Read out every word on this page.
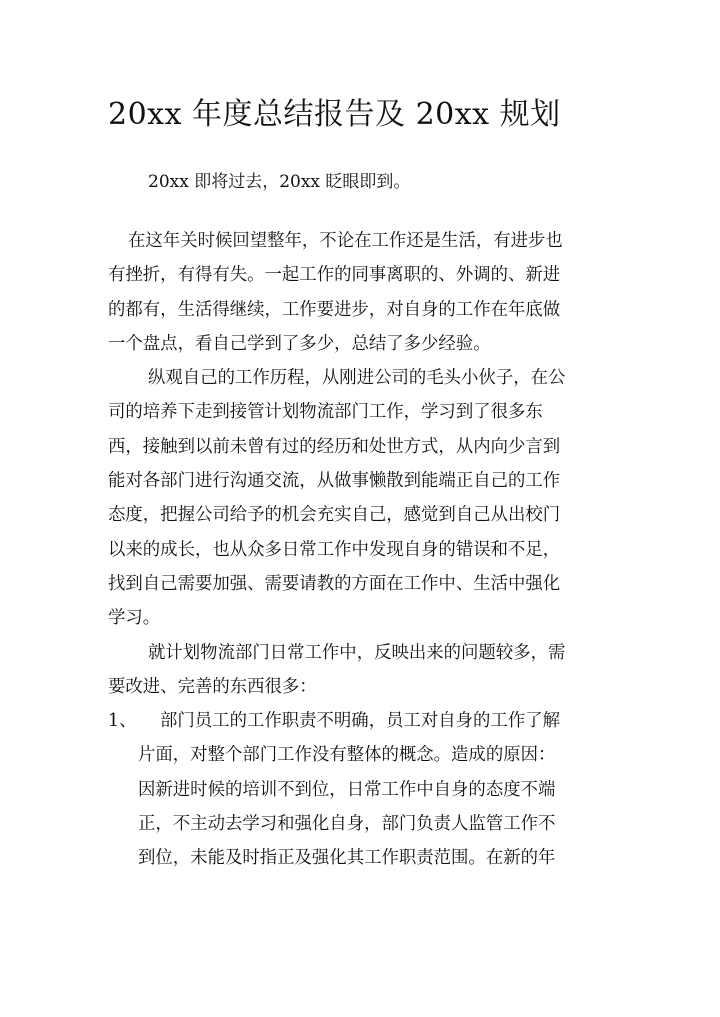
20xx 年度总结报告及 20xx 规划
20xx 即将过去，20xx 眨眼即到。
在这年关时候回望整年，不论在工作还是生活，有进步也
有挫折，有得有失。一起工作的同事离职的、外调的、新进
的都有，生活得继续，工作要进步，对自身的工作在年底做
一个盘点，看自己学到了多少，总结了多少经验。
纵观自己的工作历程，从刚进公司的毛头小伙子，在公
司的培养下走到接管计划物流部门工作，学习到了很多东
西，接触到以前未曾有过的经历和处世方式，从内向少言到
能对各部门进行沟通交流，从做事懒散到能端正自己的工作
态度，把握公司给予的机会充实自己，感觉到自己从出校门
以来的成长，也从众多日常工作中发现自身的错误和不足，
找到自己需要加强、需要请教的方面在工作中、生活中强化
学习。
就计划物流部门日常工作中，反映出来的问题较多，需
要改进、完善的东西很多：
1、 部门员工的工作职责不明确，员工对自身的工作了解
片面，对整个部门工作没有整体的概念。造成的原因：
因新进时候的培训不到位，日常工作中自身的态度不端
正，不主动去学习和强化自身，部门负责人监管工作不
到位，未能及时指正及强化其工作职责范围。在新的年
